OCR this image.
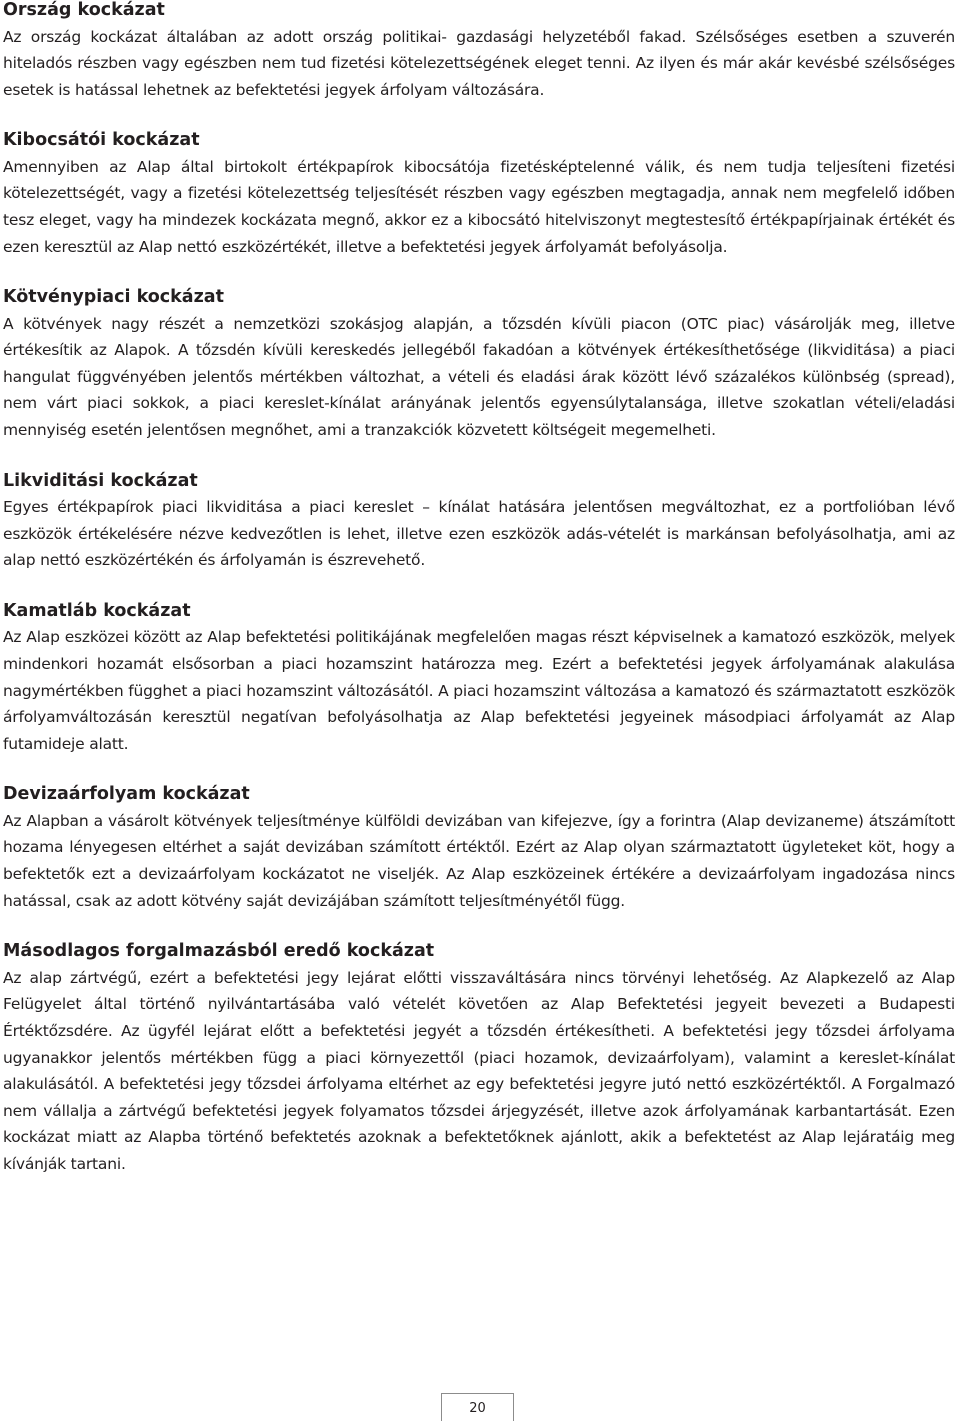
Ország kockázat

Az ország kockázat általában az adott ország politikai- gazdasági helyzetéből fakad. Szélsőséges esetben a szuverén hiteladós részben vagy egészben nem tud fizetési kötelezettségének eleget tenni. Az ilyen és már akár kevésbé szélsőséges esetek is hatással lehetnek az befektetési jegyek árfolyam változására.

Kibocsátói kockázat

Amennyiben az Alap által birtokolt értékpapírok kibocsátója fizetésképtelenné válik, és nem tudja teljesíteni fizetési kötelezettségét, vagy a fizetési kötelezettség teljesítését részben vagy egészben megtagadja, annak nem megfelelő időben tesz eleget, vagy ha mindezek kockázata megnő, akkor ez a kibocsátó hitelviszonyt megtestesítő értékpapírjainak értékét és ezen keresztül az Alap nettó eszközértékét, illetve a befektetési jegyek árfolyamát befolyásolja.

Kötvénypiaci kockázat

A kötvények nagy részét a nemzetközi szokásjog alapján, a tőzsdén kívüli piacon (OTC piac) vásárolják meg, illetve értékesítik az Alapok. A tőzsdén kívüli kereskedés jellegéből fakadóan a kötvények értékesíthetősége (likviditása) a piaci hangulat függvényében jelentős mértékben változhat, a vételi és eladási árak között lévő százalékos különbség (spread), nem várt piaci sokkok, a piaci kereslet-kínálat arányának jelentős egyensúlytalansága, illetve szokatlan vételi/eladási mennyiség esetén jelentősen megnőhet, ami a tranzakciók közvetett költségeit megemelheti.

Likviditási kockázat

Egyes értékpapírok piaci likviditása a piaci kereslet – kínálat hatására jelentősen megváltozhat, ez a portfolióban lévő eszközök értékelésére nézve kedvezőtlen is lehet, illetve ezen eszközök adás-vételét is markánsan befolyásolhatja, ami az alap nettó eszközértékén és árfolyamán is észrevehető.

Kamatláb kockázat

Az Alap eszközei között az Alap befektetési politikájának megfelelően magas részt képviselnek a kamatozó eszközök, melyek mindenkori hozamát elsősorban a piaci hozamszint határozza meg. Ezért a befektetési jegyek árfolyamának alakulása nagymértékben függhet a piaci hozamszint változásától. A piaci hozamszint változása a kamatozó és származtatott eszközök árfolyamváltozásán keresztül negatívan befolyásolhatja az Alap befektetési jegyeinek másodpiaci árfolyamát az Alap futamideje alatt.

Devizaárfolyam kockázat

Az Alapban a vásárolt kötvények teljesítménye külföldi devizában van kifejezve, így a forintra (Alap devizaneme) átszámított hozama lényegesen eltérhet a saját devizában számított értéktől. Ezért az Alap olyan származtatott ügyleteket köt, hogy a befektetők ezt a devizaárfolyam kockázatot ne viseljék. Az Alap eszközeinek értékére a devizaárfolyam ingadozása nincs hatással, csak az adott kötvény saját devizájában számított teljesítményétől függ.

Másodlagos forgalmazásból eredő kockázat

Az alap zártvégű, ezért a befektetési jegy lejárat előtti visszaváltására nincs törvényi lehetőség. Az Alapkezelő az Alap Felügyelet által történő nyilvántartásába való vételét követően az Alap Befektetési jegyeit bevezeti a Budapesti Értéktőzsdére. Az ügyfél lejárat előtt a befektetési jegyét a tőzsdén értékesítheti. A befektetési jegy tőzsdei árfolyama ugyanakkor jelentős mértékben függ a piaci környezettől (piaci hozamok, devizaárfolyam), valamint a kereslet-kínálat alakulásától. A befektetési jegy tőzsdei árfolyama eltérhet az egy befektetési jegyre jutó nettó eszközértéktől. A Forgalmazó nem vállalja a zártvégű befektetési jegyek folyamatos tőzsdei árjegyzését, illetve azok árfolyamának karbantartását. Ezen kockázat miatt az Alapba történő befektetés azoknak a befektetőknek ajánlott, akik a befektetést az Alap lejáratáig meg kívánják tartani.

20
